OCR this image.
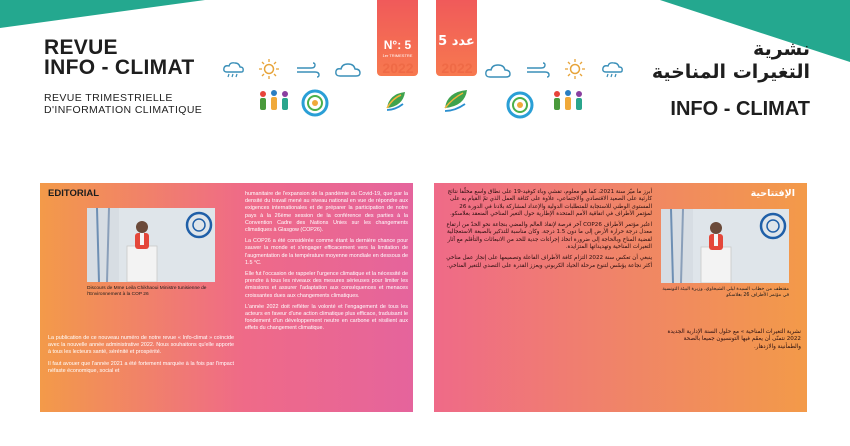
REVUE
INFO - CLIMAT
REVUE TRIMESTRIELLE
D'INFORMATION CLIMATIQUE
N°: 5
1er TRIMESTRE
2022
عدد 5
2022
نشرية
التغيرات المناخية
INFO - CLIMAT
EDITORIAL
Discours de Mme Leila Chikhaoui Ministre tunisienne de l'Environnement à la COP 26

La publication de ce nouveau numéro de notre revue « Info-climat » coïncide avec la nouvelle année administrative 2022. Nous souhaitons qu'elle apporte à tous les lecteurs santé, sérénité et prospérité.

Il faut avouer que l'année 2021 a été fortement marquée à la fois par l'impact néfaste économique, social et

humanitaire de l'expansion de la pandémie du Covid-19, que par la densité du travail mené au niveau national en vue de répondre aux exigences internationales et de préparer la participation de notre pays à la 26ème session de la conférence des parties à la Convention Cadre des Nations Unies sur les changements climatiques à Glasgow (COP26).

La COP26 a été considérée comme étant la dernière chance pour sauver la monde et s'engager efficacement vers la limitation de l'augmentation de la température moyenne mondiale en dessous de 1.5 °C.

Elle fut l'occasion de rappeler l'urgence climatique et la nécessité de prendre à tous les niveaux des mesures sérieuses pour limiter les émissions et assurer l'adaptation aux conséquences et menaces croissantes dues aux changements climatiques.

L'année 2022 doit refléter la volonté et l'engagement de tous les acteurs en faveur d'une action climatique plus efficace, traduisant le fondement d'un développement neutre en carbone et résilient aux effets du changement climatique.

الإفتتاحية

أبرز ما ميّز سنة 2021، كما هو معلوم، تفشي وباء كوفيد-19 على نطاق واسع مخلّفا نتائج كارثية على الصعيد الاقتصادي والاجتماعي، علاوة على كثافة العمل الذي تمّ القيام به على المستوى الوطني للاستجابة للمتطلبات الدولية والإعداد لمشاركة بلادنا في الدورة 26 لمؤتمر الأطراف في اتفاقية الأمم المتحدة الإطارية حول التغير المناخي المنعقد بغلاسكو.

اعتُبر مؤتمر الأطراف COP26 آخر فرصة لإنقاذ العالم والمضي بنجاعة نحو الحدّ من ارتفاع معدل درجة حرارة الأرض إلى ما دون 1.5 درجة. وكان مناسبة للتذكير بالصبغة الاستعجالية لقضية المناخ وبالحاجة إلى ضرورة اتخاذ إجراءات جدية للحد من الانبعاثات والتأقلم مع آثار التغيرات المناخية وتهديداتها المتزايدة.

ينبغي أن تعكس سنة 2022 التزام كافة الأطراف الفاعلة وتصميمها على إنجاز عمل مناخي أكثر نجاعة يؤسّس لتنوع مرحلة الحياد الكربوني ويعزز القدرة على التصدي للتغير المناخي.

مقتطف من خطاب السيدة ليلى الشيخاوي، وزيرة البيئة التونسية في مؤتمر الأطراف 26 بغلاسكو

نشرية التغيرات المناخية » مع حلول السنة الإدارية الجديدة 2022 نتمنّى أن يعمّم فيها التونسيون جميعا بالصحة والطمأنينة والازدهار.
